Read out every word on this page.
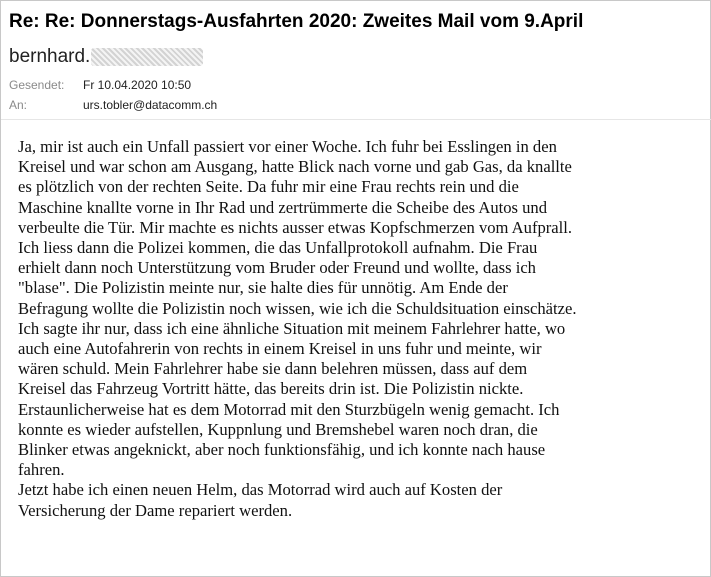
Re: Re: Donnerstags-Ausfahrten 2020: Zweites Mail vom 9.April
bernhard.
Gesendet: Fr 10.04.2020 10:50
An:	urs.tobler@datacomm.ch
Ja, mir ist auch ein Unfall passiert vor einer Woche. Ich fuhr bei Esslingen in den
Kreisel und war schon am Ausgang, hatte Blick nach vorne und gab Gas, da knallte
es plötzlich von der rechten Seite. Da fuhr mir eine Frau rechts rein und die
Maschine knallte vorne in Ihr Rad und zertrümmerte die Scheibe des Autos und
verbeulte die Tür. Mir machte es nichts ausser etwas Kopfschmerzen vom Aufprall.
Ich liess dann die Polizei kommen, die das Unfallprotokoll aufnahm. Die Frau
erhielt dann noch Unterstützung vom Bruder oder Freund und wollte, dass ich
"blase". Die Polizistin meinte nur, sie halte dies für unnötig. Am Ende der
Befragung wollte die Polizistin noch wissen, wie ich die Schuldsituation einschätze.
Ich sagte ihr nur, dass ich eine ähnliche Situation mit meinem Fahrlehrer hatte, wo
auch eine Autofahrerin von rechts in einem Kreisel in uns fuhr und meinte, wir
wären schuld. Mein Fahrlehrer habe sie dann belehren müssen, dass auf dem
Kreisel das Fahrzeug Vortritt hätte, das bereits drin ist. Die Polizistin nickte.
Erstaunlicherweise hat es dem Motorrad mit den Sturzbügeln wenig gemacht. Ich
konnte es wieder aufstellen, Kuppnlung und Bremshebel waren noch dran, die
Blinker etwas angeknickt, aber noch funktionsfähig, und ich konnte nach hause
fahren.
Jetzt habe ich einen neuen Helm, das Motorrad wird auch auf Kosten der
Versicherung der Dame repariert werden.
